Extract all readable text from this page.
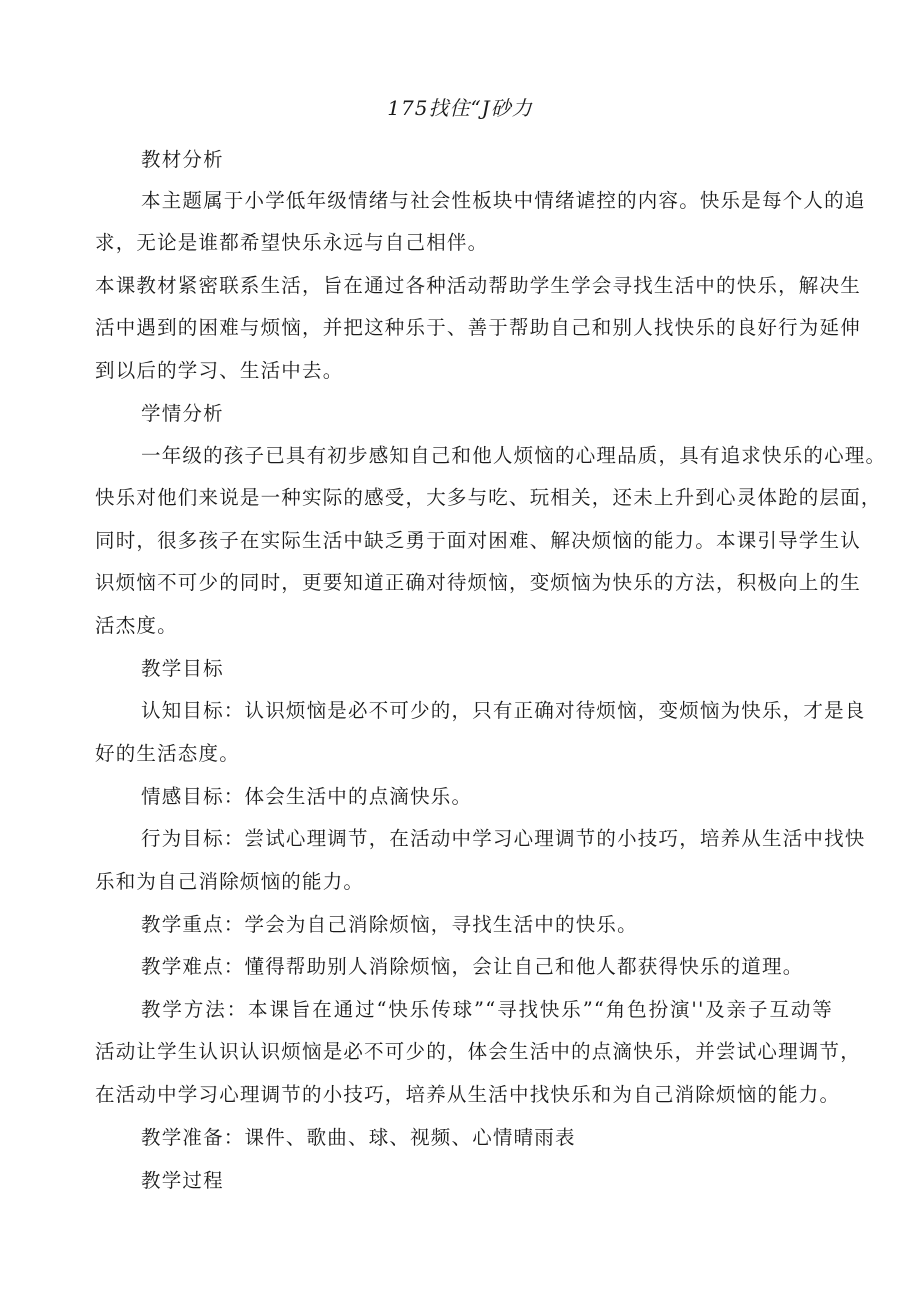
175找住“J砂力
教材分析
本主题属于小学低年级情绪与社会性板块中情绪谑控的内容。快乐是每个人的追
求，无论是谁都希望快乐永远与自己相伴。
本课教材紧密联系生活，旨在通过各种活动帮助学生学会寻找生活中的快乐，解决生
活中遇到的困难与烦恼，并把这种乐于、善于帮助自己和别人找快乐的良好行为延伸
到以后的学习、生活中去。
学情分析
一年级的孩子已具有初步感知自己和他人烦恼的心理品质，具有追求快乐的心理。
快乐对他们来说是一种实际的感受，大多与吃、玩相关，还未上升到心灵体跄的层面，
同时，很多孩子在实际生活中缺乏勇于面对困难、解决烦恼的能力。本课引导学生认
识烦恼不可少的同时，更要知道正确对待烦恼，变烦恼为快乐的方法，积极向上的生
活杰度。
教学目标
认知目标：认识烦恼是必不可少的，只有正确对待烦恼，变烦恼为快乐，才是良
好的生活态度。
情感目标：体会生活中的点滴快乐。
行为目标：尝试心理调节，在活动中学习心理调节的小技巧，培养从生活中找快
乐和为自己消除烦恼的能力。
教学重点：学会为自己消除烦恼，寻找生活中的快乐。
教学难点：懂得帮助别人消除烦恼，会让自己和他人都获得快乐的道理。
教学方法：本课旨在通过“快乐传球”“寻找快乐”“角色扮演''及亲子互动等
活动让学生认识认识烦恼是必不可少的，体会生活中的点滴快乐，并尝试心理调节，
在活动中学习心理调节的小技巧，培养从生活中找快乐和为自己消除烦恼的能力。
教学准备：课件、歌曲、球、视频、心情晴雨表
教学过程
